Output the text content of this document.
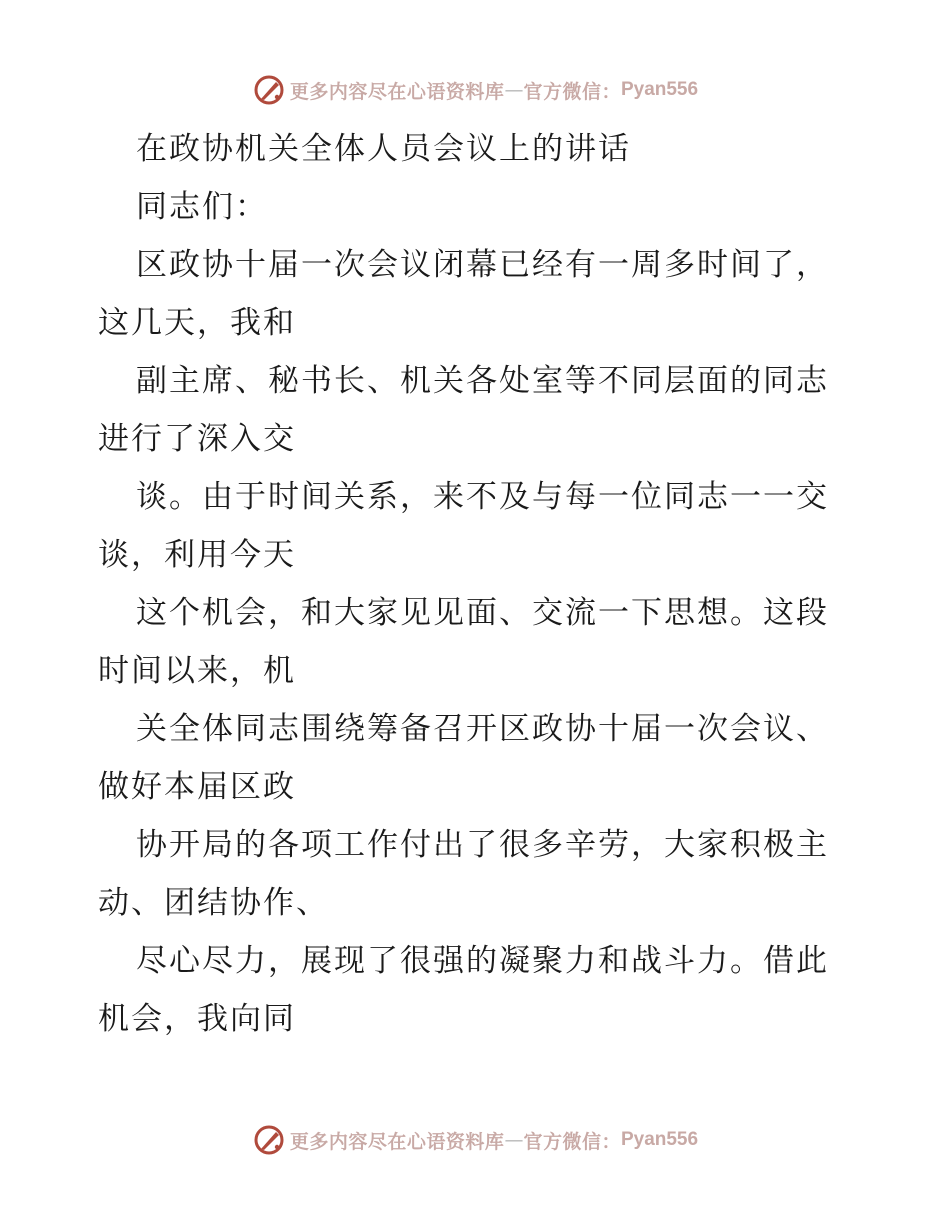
更多内容尽在心语资料库 — 官方微信： Pyan556
在政协机关全体人员会议上的讲话
同志们：
区政协十届一次会议闭幕已经有一周多时间了，
这几天，我和
副主席、秘书长、机关各处室等不同层面的同志
进行了深入交
谈。由于时间关系，来不及与每一位同志一一交
谈，利用今天
这个机会，和大家见见面、交流一下思想。这段
时间以来，机
关全体同志围绕筹备召开区政协十届一次会议、
做好本届区政
协开局的各项工作付出了很多辛劳，大家积极主
动、团结协作、
尽心尽力，展现了很强的凝聚力和战斗力。借此
机会，我向同
更多内容尽在心语资料库 — 官方微信： Pyan556
